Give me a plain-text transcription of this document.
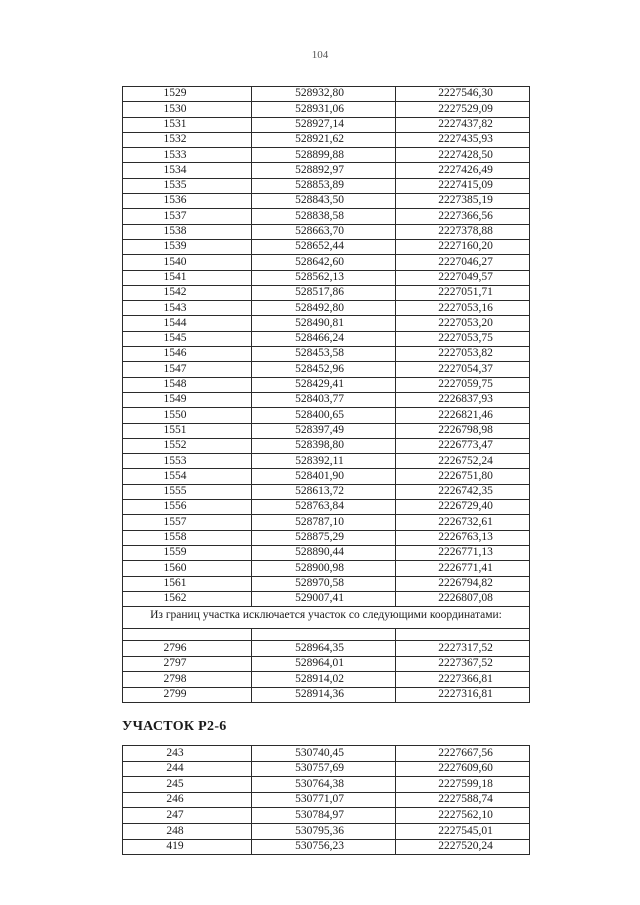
104
1529	528932,80	2227546,30
1530	528931,06	2227529,09
1531	528927,14	2227437,82
1532	528921,62	2227435,93
1533	528899,88	2227428,50
1534	528892,97	2227426,49
1535	528853,89	2227415,09
1536	528843,50	2227385,19
1537	528838,58	2227366,56
1538	528663,70	2227378,88
1539	528652,44	2227160,20
1540	528642,60	2227046,27
1541	528562,13	2227049,57
1542	528517,86	2227051,71
1543	528492,80	2227053,16
1544	528490,81	2227053,20
1545	528466,24	2227053,75
1546	528453,58	2227053,82
1547	528452,96	2227054,37
1548	528429,41	2227059,75
1549	528403,77	2226837,93
1550	528400,65	2226821,46
1551	528397,49	2226798,98
1552	528398,80	2226773,47
1553	528392,11	2226752,24
1554	528401,90	2226751,80
1555	528613,72	2226742,35
1556	528763,84	2226729,40
1557	528787,10	2226732,61
1558	528875,29	2226763,13
1559	528890,44	2226771,13
1560	528900,98	2226771,41
1561	528970,58	2226794,82
1562	529007,41	2226807,08
Из границ участка исключается участок со следующими координатами:		

2796	528964,35	2227317,52
2797	528964,01	2227367,52
2798	528914,02	2227366,81
2799	528914,36	2227316,81
УЧАСТОК Р2-6
243	530740,45	2227667,56
244	530757,69	2227609,60
245	530764,38	2227599,18
246	530771,07	2227588,74
247	530784,97	2227562,10
248	530795,36	2227545,01
419	530756,23	2227520,24
